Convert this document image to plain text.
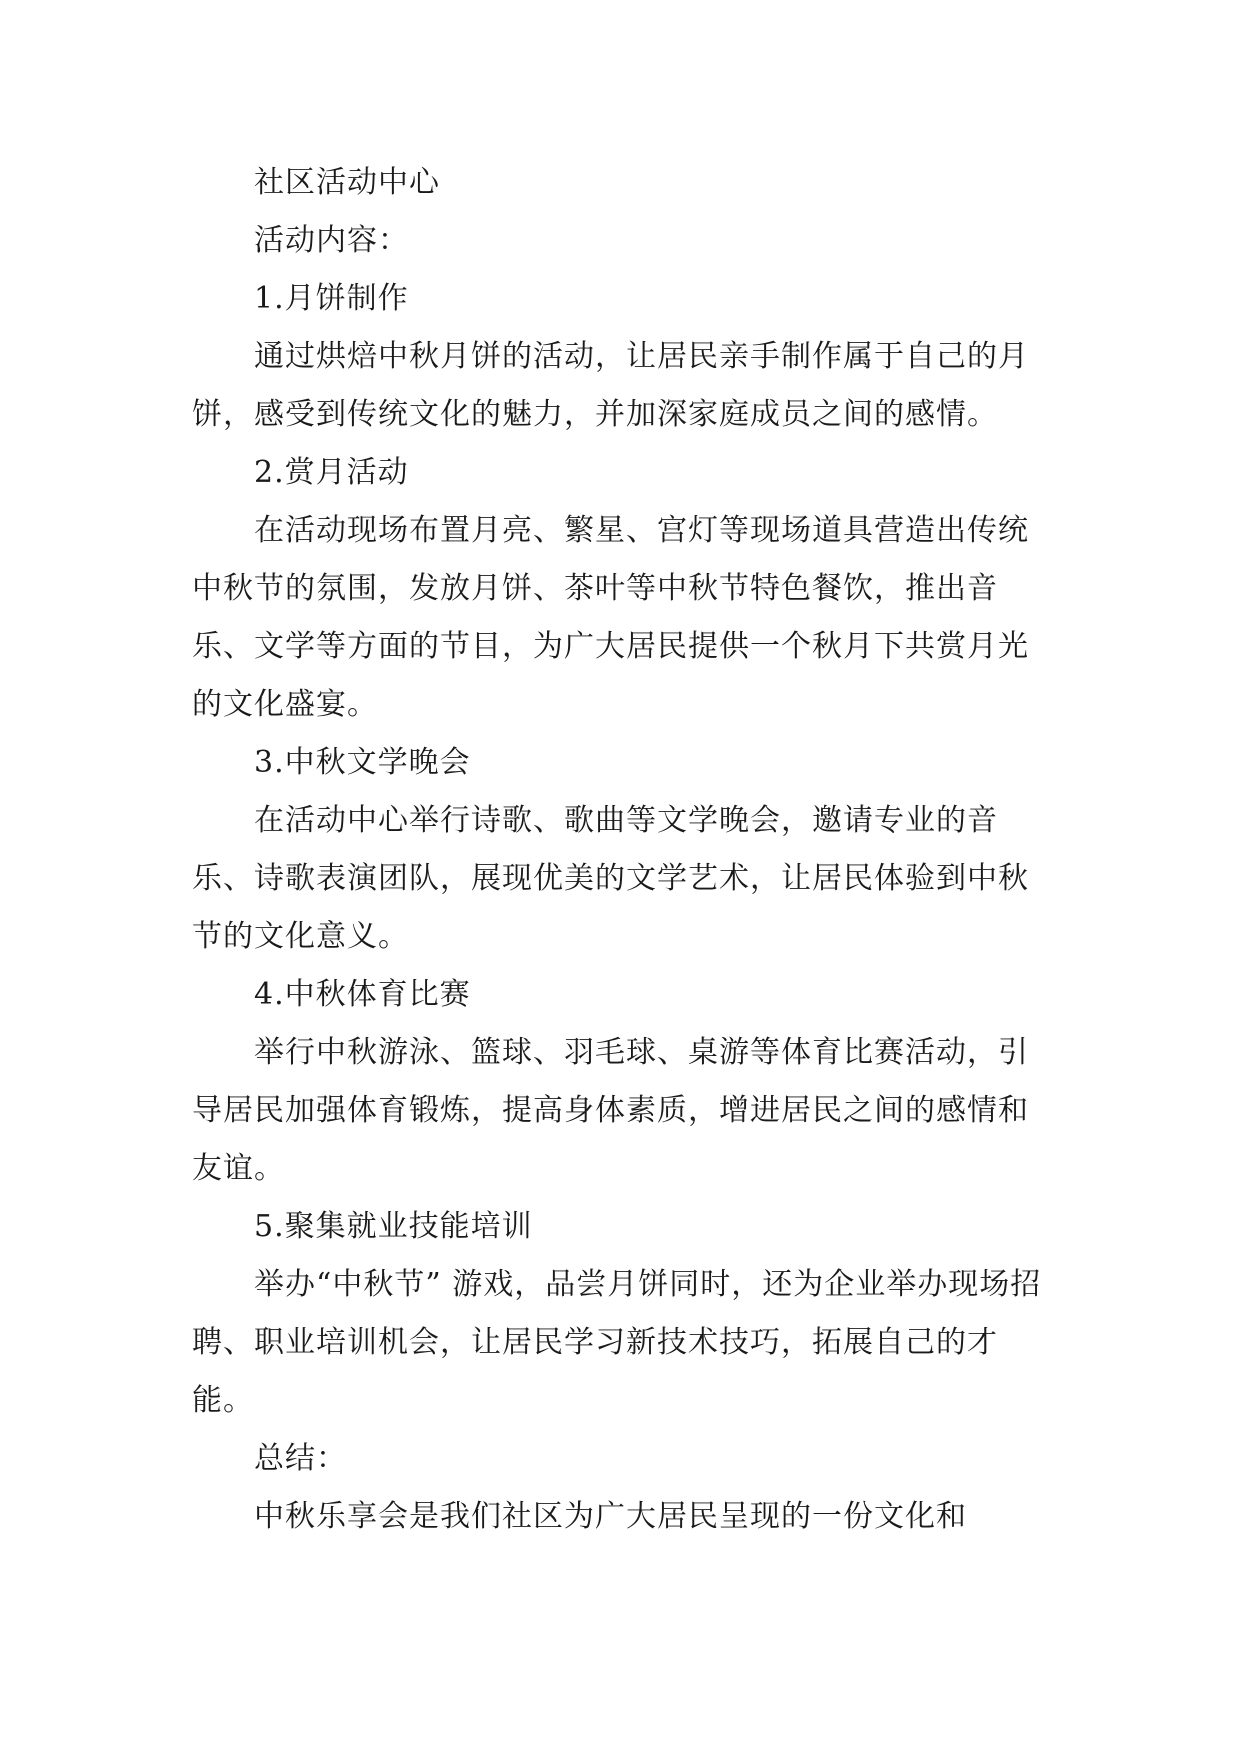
社区活动中心

活动内容：

1.月饼制作

通过烘焙中秋月饼的活动，让居民亲手制作属于自己的月饼，感受到传统文化的魅力，并加深家庭成员之间的感情。

2.赏月活动

在活动现场布置月亮、繁星、宫灯等现场道具营造出传统中秋节的氛围，发放月饼、茶叶等中秋节特色餐饮，推出音乐、文学等方面的节目，为广大居民提供一个秋月下共赏月光的文化盛宴。

3.中秋文学晚会

在活动中心举行诗歌、歌曲等文学晚会，邀请专业的音乐、诗歌表演团队，展现优美的文学艺术，让居民体验到中秋节的文化意义。

4.中秋体育比赛

举行中秋游泳、篮球、羽毛球、桌游等体育比赛活动，引导居民加强体育锻炼，提高身体素质，增进居民之间的感情和友谊。

5.聚集就业技能培训

举办“中秋节” 游戏，品尝月饼同时，还为企业举办现场招聘、职业培训机会，让居民学习新技术技巧，拓展自己的才能。

总结：

中秋乐享会是我们社区为广大居民呈现的一份文化和
